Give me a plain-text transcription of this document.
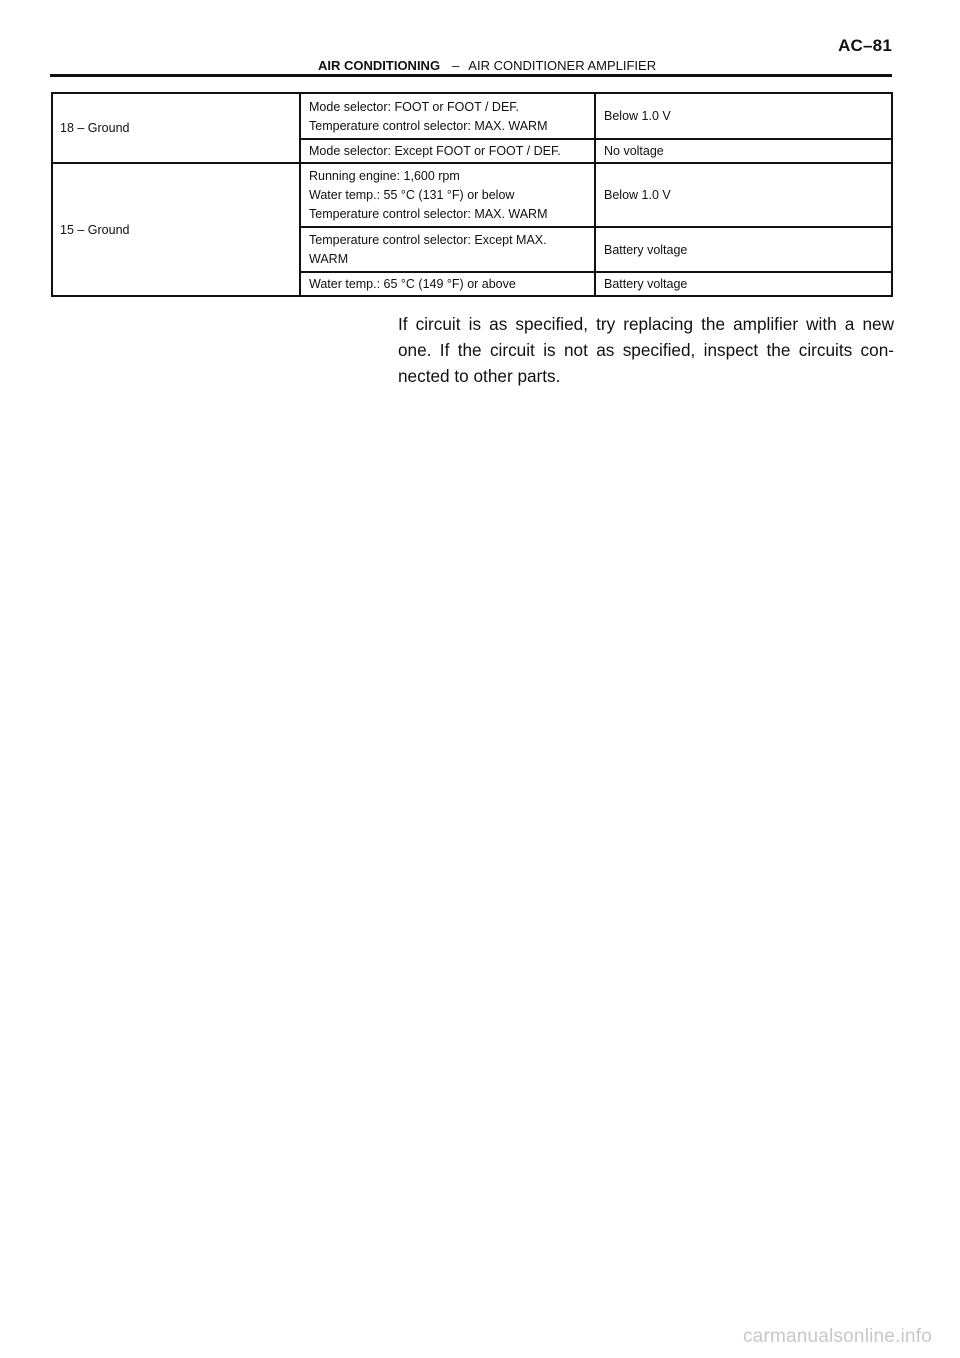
AC–81
AIR CONDITIONING – AIR CONDITIONER AMPLIFIER
18 – Ground	Mode selector: FOOT or FOOT / DEF.
Temperature control selector: MAX. WARM	Below 1.0 V

	Mode selector: Except FOOT or FOOT / DEF.	No voltage
15 – Ground	Running engine: 1,600 rpm
Water temp.: 55 °C (131 °F) or below
Temperature control selector: MAX. WARM	Below 1.0 V

	Temperature control selector: Except MAX.
WARM	Battery voltage

	Water temp.: 65 °C (149 °F) or above	Battery voltage

If circuit is as specified, try replacing the amplifier with a new one. If the circuit is not as specified, inspect the circuits con-nected to other parts.

carmanualsonline.info
